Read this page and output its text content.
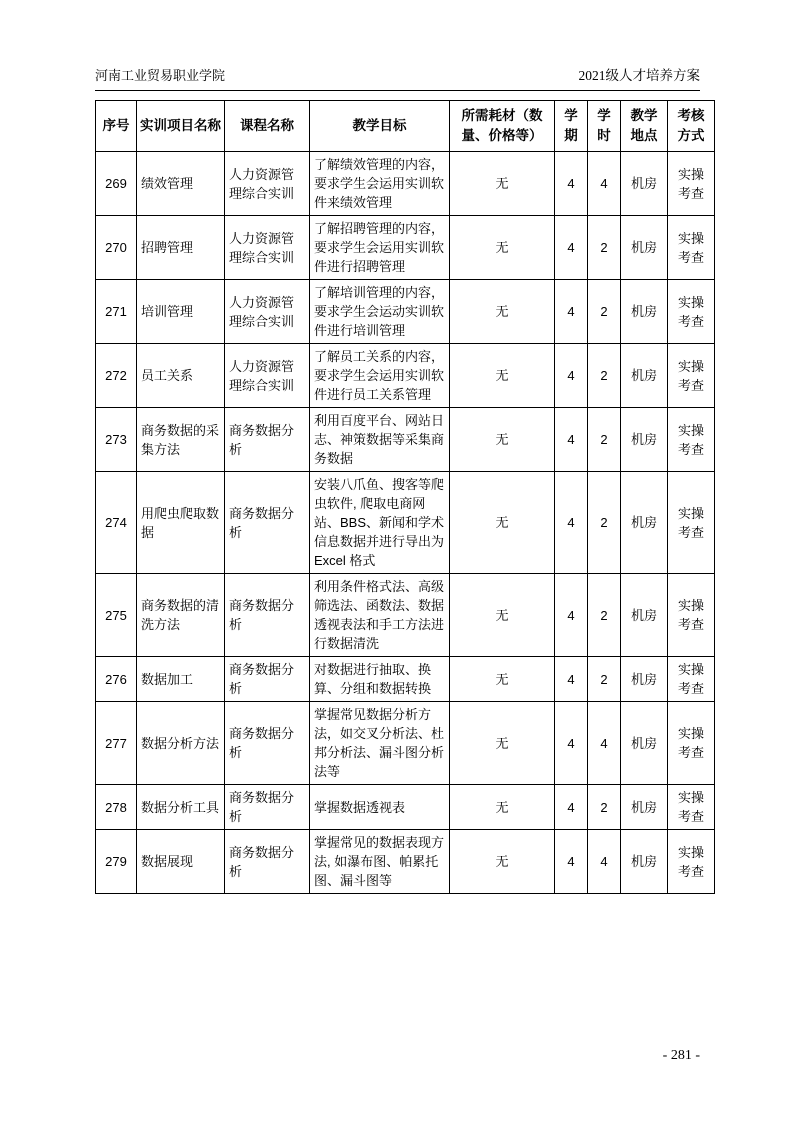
河南工业贸易职业学院	2021级人才培养方案
序号	实训项目名称	课程名称	教学目标	所需耗材（数量、价格等）	学期	学时	教学地点	考核方式
269	绩效管理	人力资源管理综合实训	了解绩效管理的内容，要求学生会运用实训软件来绩效管理	无	4	4	机房	实操考查
270	招聘管理	人力资源管理综合实训	了解招聘管理的内容，要求学生会运用实训软件进行招聘管理	无	4	2	机房	实操考查
271	培训管理	人力资源管理综合实训	了解培训管理的内容，要求学生会运动实训软件进行培训管理	无	4	2	机房	实操考查
272	员工关系	人力资源管理综合实训	了解员工关系的内容，要求学生会运用实训软件进行员工关系管理	无	4	2	机房	实操考查
273	商务数据的采集方法	商务数据分析	利用百度平台、网站日志、神策数据等采集商务数据	无	4	2	机房	实操考查
274	用爬虫爬取数据	商务数据分析	安装八爪鱼、搜客等爬虫软件, 爬取电商网站、BBS、新闻和学术信息数据并进行导出为 Excel 格式	无	4	2	机房	实操考查
275	商务数据的清洗方法	商务数据分析	利用条件格式法、高级筛选法、函数法、数据透视表法和手工方法进行数据清洗	无	4	2	机房	实操考查
276	数据加工	商务数据分析	对数据进行抽取、换算、分组和数据转换	无	4	2	机房	实操考查
277	数据分析方法	商务数据分析	掌握常见数据分析方法，如交叉分析法、杜邦分析法、漏斗图分析法等	无	4	4	机房	实操考查
278	数据分析工具	商务数据分析	掌握数据透视表	无	4	2	机房	实操考查
279	数据展现	商务数据分析	掌握常见的数据表现方法, 如瀑布图、帕累托图、漏斗图等	无	4	4	机房	实操考查
- 281 -
